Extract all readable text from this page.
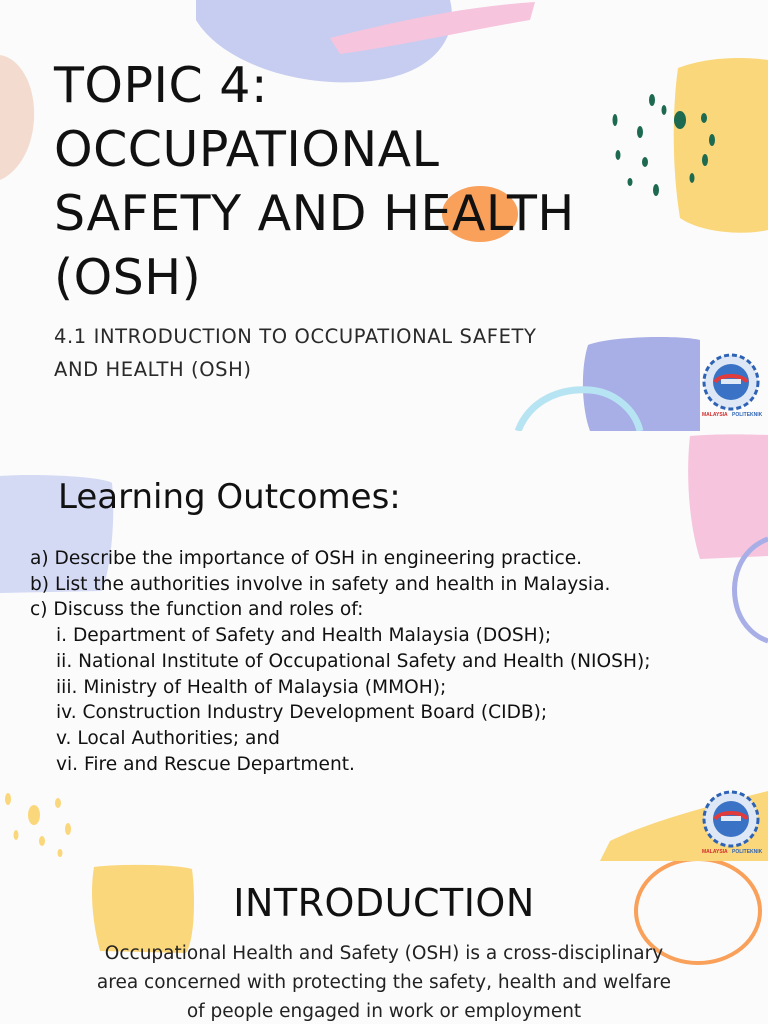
TOPIC 4:
OCCUPATIONAL
SAFETY AND HEALTH
(OSH)
4.1 INTRODUCTION TO OCCUPATIONAL SAFETY
AND HEALTH (OSH)
MALAYSIA POLITEKNIK
Learning Outcomes:
a) Describe the importance of OSH in engineering practice.
b) List the authorities involve in safety and health in Malaysia.
c) Discuss the function and roles of:
i. Department of Safety and Health Malaysia (DOSH);
ii. National Institute of Occupational Safety and Health (NIOSH);
iii. Ministry of Health of Malaysia (MMOH);
iv. Construction Industry Development Board (CIDB);
v. Local Authorities; and
vi. Fire and Rescue Department.
MALAYSIA POLITEKNIK
INTRODUCTION
Occupational Health and Safety (OSH) is a cross-disciplinary
area concerned with protecting the safety, health and welfare
of people engaged in work or employment
